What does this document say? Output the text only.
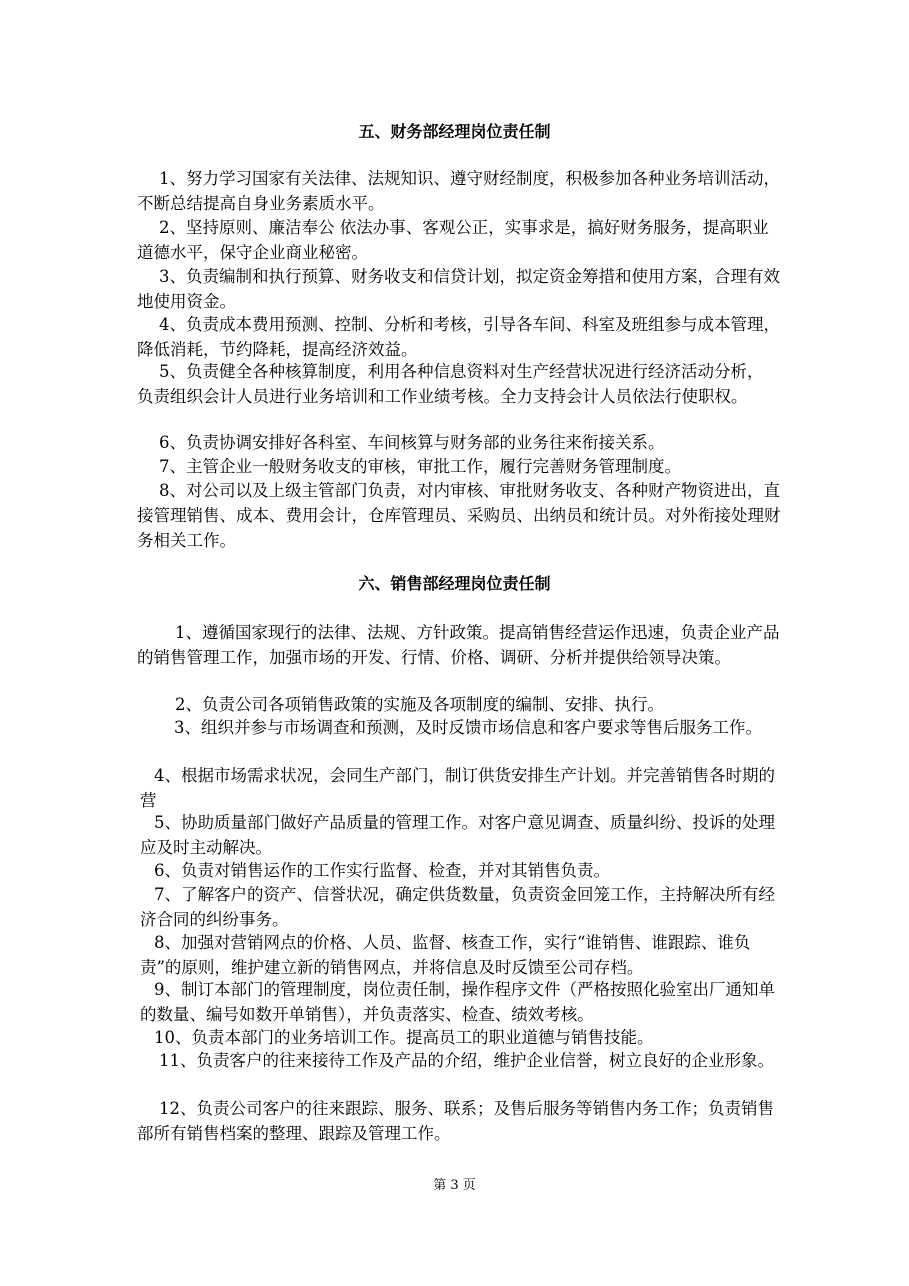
五、财务部经理岗位责任制

1、努力学习国家有关法律、法规知识、遵守财经制度，积极参加各种业务培训活动，不断总结提高自身业务素质水平。

2、坚持原则、廉洁奉公 依法办事、客观公正，实事求是，搞好财务服务，提高职业道德水平，保守企业商业秘密。

3、负责编制和执行预算、财务收支和信贷计划，拟定资金筹措和使用方案，合理有效地使用资金。

4、负责成本费用预测、控制、分析和考核，引导各车间、科室及班组参与成本管理，降低消耗，节约降耗，提高经济效益。

5、负责健全各种核算制度，利用各种信息资料对生产经营状况进行经济活动分析，负责组织会计人员进行业务培训和工作业绩考核。全力支持会计人员依法行使职权。

6、负责协调安排好各科室、车间核算与财务部的业务往来衔接关系。

7、主管企业一般财务收支的审核，审批工作，履行完善财务管理制度。

8、对公司以及上级主管部门负责，对内审核、审批财务收支、各种财产物资进出，直接管理销售、成本、费用会计，仓库管理员、采购员、出纳员和统计员。对外衔接处理财务相关工作。

六、销售部经理岗位责任制

1、遵循国家现行的法律、法规、方针政策。提高销售经营运作迅速，负责企业产品的销售管理工作，加强市场的开发、行情、价格、调研、分析并提供给领导决策。

2、负责公司各项销售政策的实施及各项制度的编制、安排、执行。

3、组织并参与市场调查和预测，及时反馈市场信息和客户要求等售后服务工作。

4、根据市场需求状况，会同生产部门，制订供货安排生产计划。并完善销售各时期的营

5、协助质量部门做好产品质量的管理工作。对客户意见调查、质量纠纷、投诉的处理应及时主动解决。

6、负责对销售运作的工作实行监督、检查，并对其销售负责。

7、了解客户的资产、信誉状况，确定供货数量，负责资金回笼工作，主持解决所有经济合同的纠纷事务。

8、加强对营销网点的价格、人员、监督、核查工作，实行“谁销售、谁跟踪、谁负责”的原则，维护建立新的销售网点，并将信息及时反馈至公司存档。

9、制订本部门的管理制度，岗位责任制，操作程序文件（严格按照化验室出厂通知单的数量、编号如数开单销售），并负责落实、检查、绩效考核。

10、负责本部门的业务培训工作。提高员工的职业道德与销售技能。

11、负责客户的往来接待工作及产品的介绍，维护企业信誉，树立良好的企业形象。

12、负责公司客户的往来跟踪、服务、联系；及售后服务等销售内务工作；负责销售部所有销售档案的整理、跟踪及管理工作。

第 3 页
